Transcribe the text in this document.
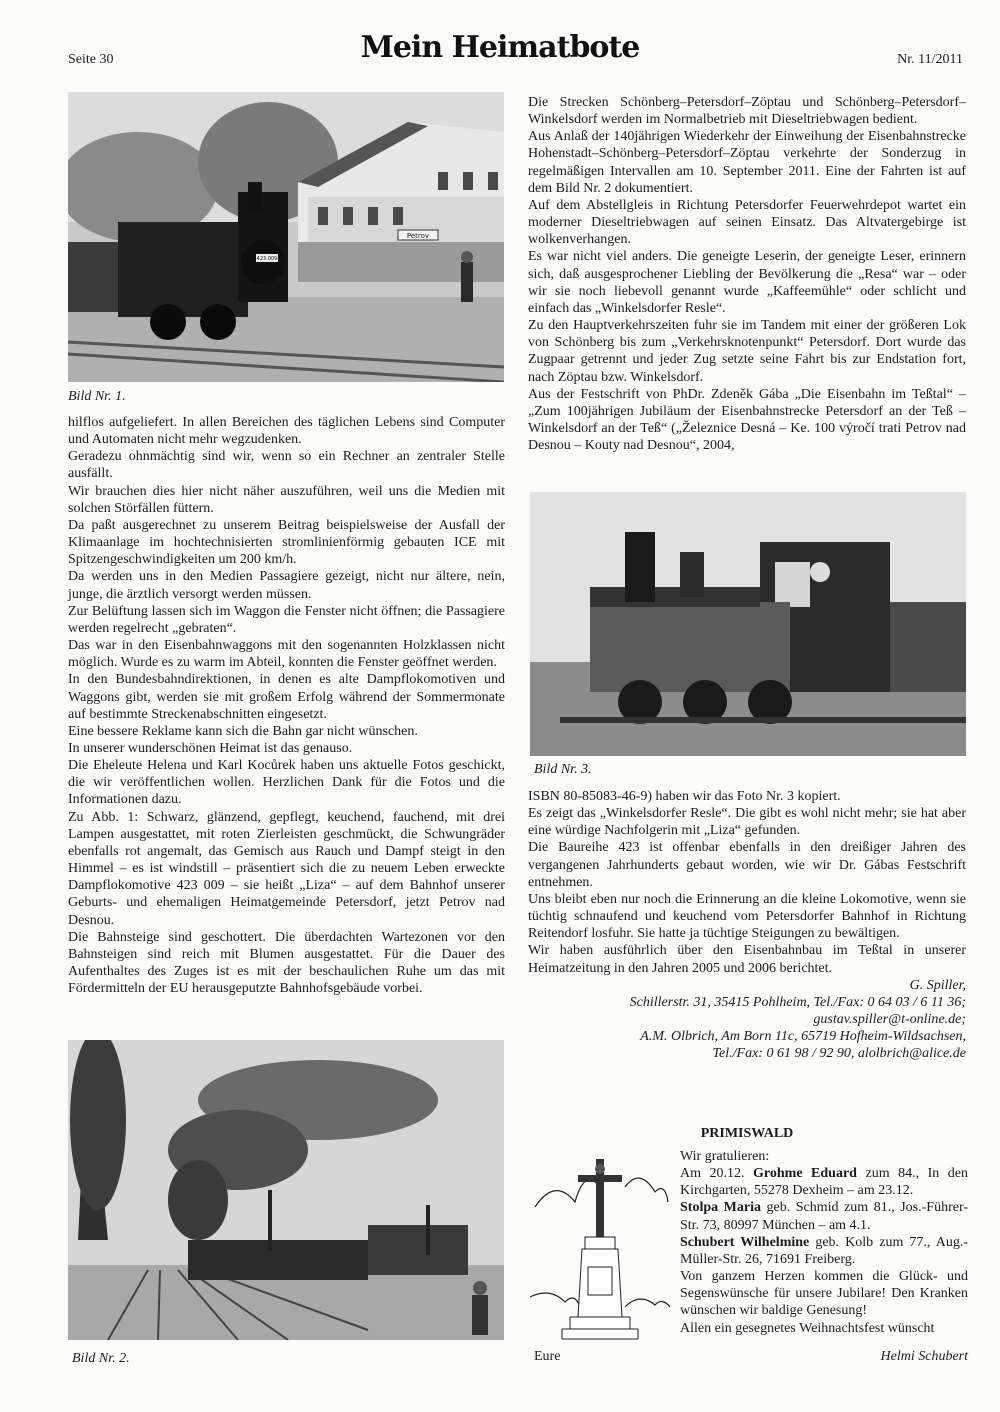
Seite 30	Mein Heimatbote	Nr. 11/2011
Petrov
423.009
Bild Nr. 1.

hilflos aufgeliefert. In allen Bereichen des täglichen Lebens sind Computer und Automaten nicht mehr wegzudenken.

Geradezu ohnmächtig sind wir, wenn so ein Rechner an zentraler Stelle ausfällt.

Wir brauchen dies hier nicht näher auszuführen, weil uns die Medien mit solchen Störfällen füttern.

Da paßt ausgerechnet zu unserem Beitrag beispielsweise der Ausfall der Klimaanlage im hochtechnisierten stromlinienförmig gebauten ICE mit Spitzengeschwindigkeiten um 200 km/h.

Da werden uns in den Medien Passagiere gezeigt, nicht nur ältere, nein, junge, die ärztlich versorgt werden müssen.

Zur Belüftung lassen sich im Waggon die Fenster nicht öffnen; die Passagiere werden regelrecht „gebraten“.

Das war in den Eisenbahnwaggons mit den sogenannten Holzklassen nicht möglich. Wurde es zu warm im Abteil, konnten die Fenster geöffnet werden.

In den Bundesbahndirektionen, in denen es alte Dampflokomotiven und Waggons gibt, werden sie mit großem Erfolg während der Sommermonate auf bestimmte Streckenabschnitten eingesetzt.

Eine bessere Reklame kann sich die Bahn gar nicht wünschen.

In unserer wunderschönen Heimat ist das genauso.

Die Eheleute Helena und Karl Kocůrek haben uns aktuelle Fotos geschickt, die wir veröffentlichen wollen. Herzlichen Dank für die Fotos und die Informationen dazu.

Zu Abb. 1: Schwarz, glänzend, gepflegt, keuchend, fauchend, mit drei Lampen ausgestattet, mit roten Zierleisten geschmückt, die Schwungräder ebenfalls rot angemalt, das Gemisch aus Rauch und Dampf steigt in den Himmel – es ist windstill – präsentiert sich die zu neuem Leben erweckte Dampflokomotive 423 009 – sie heißt „Liza“ – auf dem Bahnhof unserer Geburts- und ehemaligen Heimatgemeinde Petersdorf, jetzt Petrov nad Desnou.

Die Bahnsteige sind geschottert. Die überdachten Wartezonen vor den Bahnsteigen sind reich mit Blumen ausgestattet. Für die Dauer des Aufenthaltes des Zuges ist es mit der beschaulichen Ruhe um das mit Fördermitteln der EU herausgeputzte Bahnhofsgebäude vorbei.

Bild Nr. 2.

Die Strecken Schönberg–Petersdorf–Zöptau und Schönberg–Petersdorf–Winkelsdorf werden im Normalbetrieb mit Dieseltriebwagen bedient.

Aus Anlaß der 140jährigen Wiederkehr der Einweihung der Eisenbahnstrecke Hohenstadt–Schönberg–Petersdorf–Zöptau verkehrte der Sonderzug in regelmäßigen Intervallen am 10. September 2011. Eine der Fahrten ist auf dem Bild Nr. 2 dokumentiert.

Auf dem Abstellgleis in Richtung Petersdorfer Feuerwehrdepot wartet ein moderner Dieseltriebwagen auf seinen Einsatz. Das Altvatergebirge ist wolkenverhangen.

Es war nicht viel anders. Die geneigte Leserin, der geneigte Leser, erinnern sich, daß ausgesprochener Liebling der Bevölkerung die „Resa“ war – oder wir sie noch liebevoll genannt wurde „Kaffeemühle“ oder schlicht und einfach das „Winkelsdorfer Resle“.

Zu den Hauptverkehrszeiten fuhr sie im Tandem mit einer der größeren Lok von Schönberg bis zum „Verkehrsknotenpunkt“ Petersdorf. Dort wurde das Zugpaar getrennt und jeder Zug setzte seine Fahrt bis zur Endstation fort, nach Zöptau bzw. Winkelsdorf.

Aus der Festschrift von PhDr. Zdeněk Gába „Die Eisenbahn im Teßtal“ – „Zum 100jährigen Jubiläum der Eisenbahnstrecke Petersdorf an der Teß – Winkelsdorf an der Teß“ („Železnice Desná – Ke. 100 výročí trati Petrov nad Desnou – Kouty nad Desnou“, 2004,

Bild Nr. 3.

ISBN 80-85083-46-9) haben wir das Foto Nr. 3 kopiert.

Es zeigt das „Winkelsdorfer Resle“. Die gibt es wohl nicht mehr; sie hat aber eine würdige Nachfolgerin mit „Liza“ gefunden.

Die Baureihe 423 ist offenbar ebenfalls in den dreißiger Jahren des vergangenen Jahrhunderts gebaut worden, wie wir Dr. Gábas Festschrift entnehmen.

Uns bleibt eben nur noch die Erinnerung an die kleine Lokomotive, wenn sie tüchtig schnaufend und keuchend vom Petersdorfer Bahnhof in Richtung Reitendorf losfuhr. Sie hatte ja tüchtige Steigungen zu bewältigen.

Wir haben ausführlich über den Eisenbahnbau im Teßtal in unserer Heimatzeitung in den Jahren 2005 und 2006 berichtet.

G. Spiller,

Schillerstr. 31, 35415 Pohlheim, Tel./Fax: 0 64 03 / 6 11 36;

gustav.spiller@t-online.de;

A.M. Olbrich, Am Born 11c, 65719 Hofheim-Wildsachsen,

Tel./Fax: 0 61 98 / 92 90, alolbrich@alice.de

PRIMISWALD

Wir gratulieren:

Am 20.12. Grohme Eduard zum 84., In den Kirchgarten, 55278 Dexheim – am 23.12.

Stolpa Maria geb. Schmid zum 81., Jos.-Führer-Str. 73, 80997 München – am 4.1.

Schubert Wilhelmine geb. Kolb zum 77., Aug.-Müller-Str. 26, 71691 Freiberg.

Von ganzem Herzen kommen die Glück- und Segenswünsche für unsere Jubilare! Den Kranken wünschen wir baldige Genesung!

Allen ein gesegnetes Weihnachtsfest wünscht

Eure	Helmi Schubert
